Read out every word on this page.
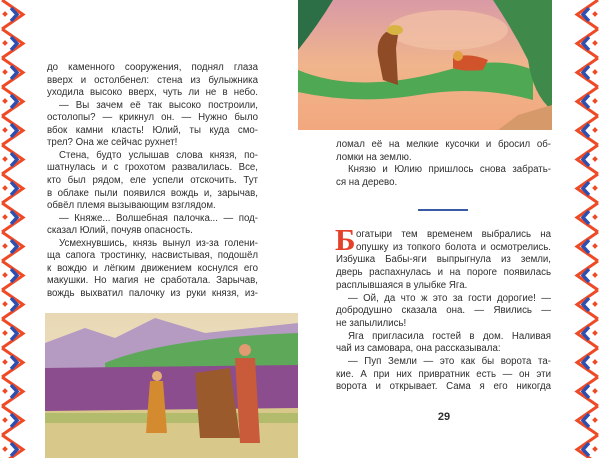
до каменного сооружения, поднял глаза
вверх и остолбенел: стена из булыжника
уходила высоко вверх, чуть ли не в небо.
— Вы зачем её так высоко построили,
остолопы? — крикнул он. — Нужно было
вбок камни класть! Юлий, ты куда смо-
трел? Она же сейчас рухнет!
Стена, будто услышав слова князя, по-
шатнулась и с грохотом развалилась. Все,
кто был рядом, еле успели отскочить. Тут
в облаке пыли появился вождь и, зарычав,
обвёл племя вызывающим взглядом.
— Княже... Волшебная палочка... — под-
сказал Юлий, почуяв опасность.
Усмехнувшись, князь вынул из-за голени-
ща сапога тростинку, насвистывая, подошёл
к вождю и лёгким движением коснулся его
макушки. Но магия не сработала. Зарычав,
вождь выхватил палочку из руки князя, из-
ломал её на мелкие кусочки и бросил об-
ломки на землю.
Князю и Юлию пришлось снова забрать-
ся на дерево.
Б огатыри тем временем выбрались на
опушку из топкого болота и осмотрелись.
Избушка Бабы-яги выпрыгнула из земли,
дверь распахнулась и на пороге появилась
расплывшаяся в улыбке Яга.
— Ой, да что ж это за гости дорогие! —
добродушно сказала она. — Явились —
не запылились!
Яга пригласила гостей в дом. Наливая
чай из самовара, она рассказывала:
— Пуп Земли — это как бы ворота та-
кие. А при них привратник есть — он эти
ворота и открывает. Сама я его никогда
29
